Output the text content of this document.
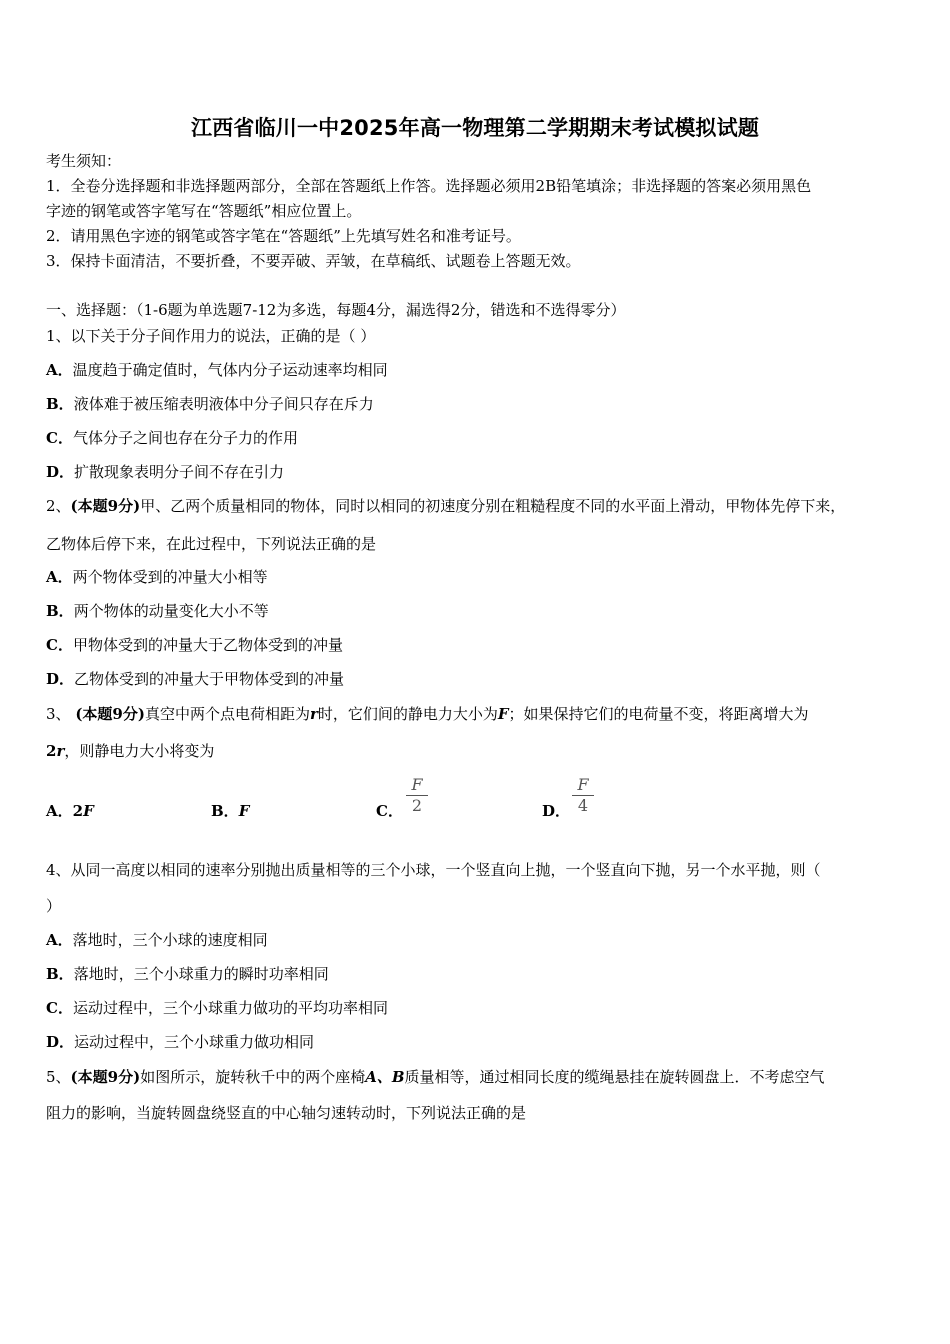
江西省临川一中2025年高一物理第二学期期末考试模拟试题
考生须知：
1．全卷分选择题和非选择题两部分，全部在答题纸上作答。选择题必须用2B铅笔填涂；非选择题的答案必须用黑色
字迹的钢笔或答字笔写在“答题纸”相应位置上。
2．请用黑色字迹的钢笔或答字笔在“答题纸”上先填写姓名和准考证号。
3．保持卡面清洁，不要折叠，不要弄破、弄皱，在草稿纸、试题卷上答题无效。
一、选择题：（1-6题为单选题7-12为多选，每题4分，漏选得2分，错选和不选得零分）
1、以下关于分子间作用力的说法，正确的是（ ）
A．温度趋于确定值时，气体内分子运动速率均相同
B．液体难于被压缩表明液体中分子间只存在斥力
C．气体分子之间也存在分子力的作用
D．扩散现象表明分子间不存在引力
2、(本题9分)甲、乙两个质量相同的物体，同时以相同的初速度分别在粗糙程度不同的水平面上滑动，甲物体先停下来，
乙物体后停下来，在此过程中，下列说法正确的是
A．两个物体受到的冲量大小相等
B．两个物体的动量变化大小不等
C．甲物体受到的冲量大于乙物体受到的冲量
D．乙物体受到的冲量大于甲物体受到的冲量
3、 (本题9分)真空中两个点电荷相距为r时，它们间的静电力大小为F；如果保持它们的电荷量不变，将距离增大为
2r，则静电力大小将变为
A．2F	B．F	C．
F
2	D．
F
4
4、从同一高度以相同的速率分别抛出质量相等的三个小球，一个竖直向上抛，一个竖直向下抛，另一个水平抛，则（
）
A．落地时，三个小球的速度相同
B．落地时，三个小球重力的瞬时功率相同
C．运动过程中，三个小球重力做功的平均功率相同
D．运动过程中，三个小球重力做功相同
5、(本题9分)如图所示，旋转秋千中的两个座椅A、B质量相等，通过相同长度的缆绳悬挂在旋转圆盘上．不考虑空气
阻力的影响，当旋转圆盘绕竖直的中心轴匀速转动时，下列说法正确的是
